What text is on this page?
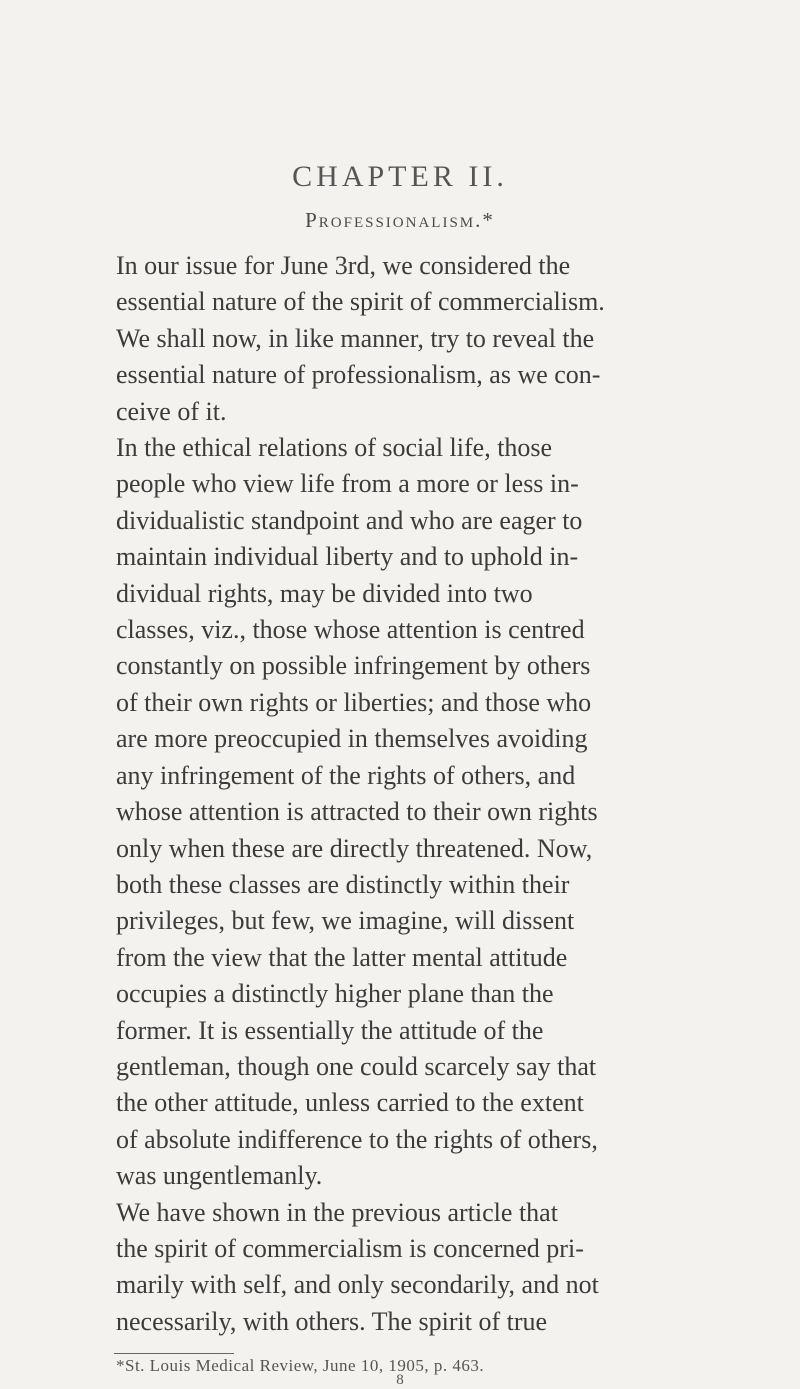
CHAPTER II.
Professionalism.*

In our issue for June 3rd, we considered the
essential nature of the spirit of commercialism.
We shall now, in like manner, try to reveal the
essential nature of professionalism, as we con-
ceive of it.

In the ethical relations of social life, those
people who view life from a more or less in-
dividualistic standpoint and who are eager to
maintain individual liberty and to uphold in-
dividual rights, may be divided into two
classes, viz., those whose attention is centred
constantly on possible infringement by others
of their own rights or liberties; and those who
are more preoccupied in themselves avoiding
any infringement of the rights of others, and
whose attention is attracted to their own rights
only when these are directly threatened. Now,
both these classes are distinctly within their
privileges, but few, we imagine, will dissent
from the view that the latter mental attitude
occupies a distinctly higher plane than the
former. It is essentially the attitude of the
gentleman, though one could scarcely say that
the other attitude, unless carried to the extent
of absolute indifference to the rights of others,
was ungentlemanly.

We have shown in the previous article that
the spirit of commercialism is concerned pri-
marily with self, and only secondarily, and not
necessarily, with others. The spirit of true

*St. Louis Medical Review, June 10, 1905, p. 463.
8
